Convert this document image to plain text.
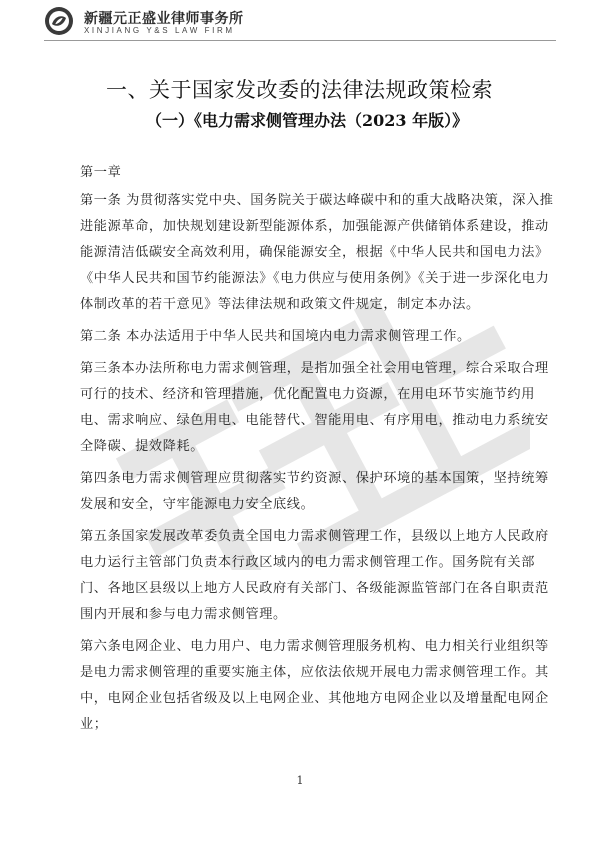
新疆元正盛业律师事务所
XINJIANG Y&S LAW FIRM
一、关于国家发改委的法律法规政策检索
（一）《电力需求侧管理办法（2023 年版）》

第一章

第一条 为贯彻落实党中央、国务院关于碳达峰碳中和的重大战略决策，深入推进能源革命，加快规划建设新型能源体系，加强能源产供储销体系建设，推动能源清洁低碳安全高效利用，确保能源安全，根据《中华人民共和国电力法》《中华人民共和国节约能源法》《电力供应与使用条例》《关于进一步深化电力体制改革的若干意见》等法律法规和政策文件规定，制定本办法。

第二条 本办法适用于中华人民共和国境内电力需求侧管理工作。

第三条本办法所称电力需求侧管理，是指加强全社会用电管理，综合采取合理可行的技术、经济和管理措施，优化配置电力资源，在用电环节实施节约用电、需求响应、绿色用电、电能替代、智能用电、有序用电，推动电力系统安全降碳、提效降耗。

第四条电力需求侧管理应贯彻落实节约资源、保护环境的基本国策，坚持统筹发展和安全，守牢能源电力安全底线。

第五条国家发展改革委负责全国电力需求侧管理工作，县级以上地方人民政府电力运行主管部门负责本行政区域内的电力需求侧管理工作。国务院有关部门、各地区县级以上地方人民政府有关部门、各级能源监管部门在各自职责范围内开展和参与电力需求侧管理。

第六条电网企业、电力用户、电力需求侧管理服务机构、电力相关行业组织等是电力需求侧管理的重要实施主体，应依法依规开展电力需求侧管理工作。其中，电网企业包括省级及以上电网企业、其他地方电网企业以及增量配电网企业；

1
